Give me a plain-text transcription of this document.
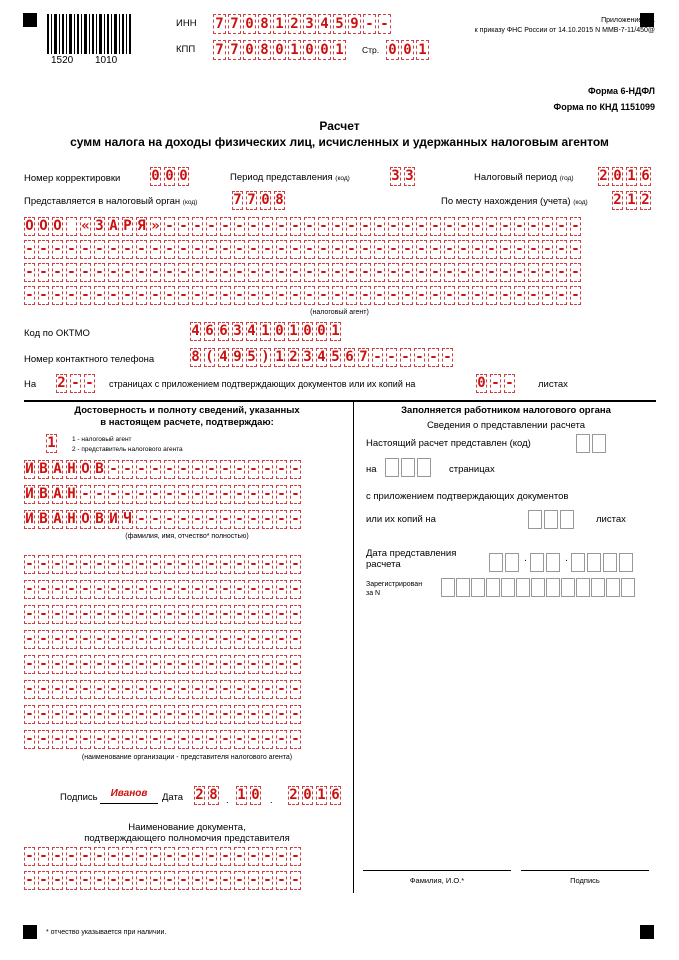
1520 1010
ИНН 7 7 0 8 1 2 3 4 5 9 - -
КПП 7 7 0 8 0 1 0 0 1 Стр. 0 0 1
Приложение N 1
к приказу ФНС России от 14.10.2015 N ММВ-7-11/450@
Форма 6-НДФЛ
Форма по КНД 1151099
Расчет
сумм налога на доходы физических лиц, исчисленных и удержанных налоговым агентом
Номер корректировки 0 0 0	Период представления (код)	3 3	Налоговый период (год) 2 0 1 6
Представляется в налоговый орган (код)	7 7 0 8	По месту нахождения (учета) (код) 2 1 2
О О О « З А Р Я » - - - - - - - - - - - - - - - - - - - - - - - - - - - - - -
- - - - - - - - - - - - - - - - - - - - - - - - - - - - - - - - - - - - - - - -
- - - - - - - - - - - - - - - - - - - - - - - - - - - - - - - - - - - - - - - -
- - - - - - - - - - - - - - - - - - - - - - - - - - - - - - - - - - - - - - - -
(налоговый агент)
Код по ОКТМО	4 6 6 3 4 1 0 1 0 0 1
Номер контактного телефона	8 ( 4 9 5 ) 1 2 3 4 5 6 7 - - - - - -
На 2 - - страницах с приложением подтверждающих документов или их копий на	0 - -	листах
Достоверность и полноту сведений, указанных
в настоящем расчете, подтверждаю:
1	1 - налоговый агент
2 - представитель налогового агента
И В А Н О В - - - - - - - - - - - - - -
И В А Н - - - - - - - - - - - - - - - -
И В А Н О В И Ч - - - - - - - - - - - -
(фамилия, имя, отчество* полностью)
- - - - - - - - - - - - - - - - - - - -
- - - - - - - - - - - - - - - - - - - -
- - - - - - - - - - - - - - - - - - - -
- - - - - - - - - - - - - - - - - - - -
- - - - - - - - - - - - - - - - - - - -
- - - - - - - - - - - - - - - - - - - -
- - - - - - - - - - - - - - - - - - - -
- - - - - - - - - - - - - - - - - - - -
(наименование организации - представителя налогового агента)
Подпись	Иванов	Дата 2 8 . 1 0 . 2 0 1 6
Наименование документа,
подтверждающего полномочия представителя
- - - - - - - - - - - - - - - - - - - -
- - - - - - - - - - - - - - - - - - - -
Заполняется работником налогового органа
Сведения о представлении расчета
Настоящий расчет представлен (код)
на	страницах
с приложением подтверждающих документов
или их копий на	листах
Дата представления
расчета
.	.
Зарегистрирован
за N
Фамилия, И.О.*	Подпись
* отчество указывается при наличии.
